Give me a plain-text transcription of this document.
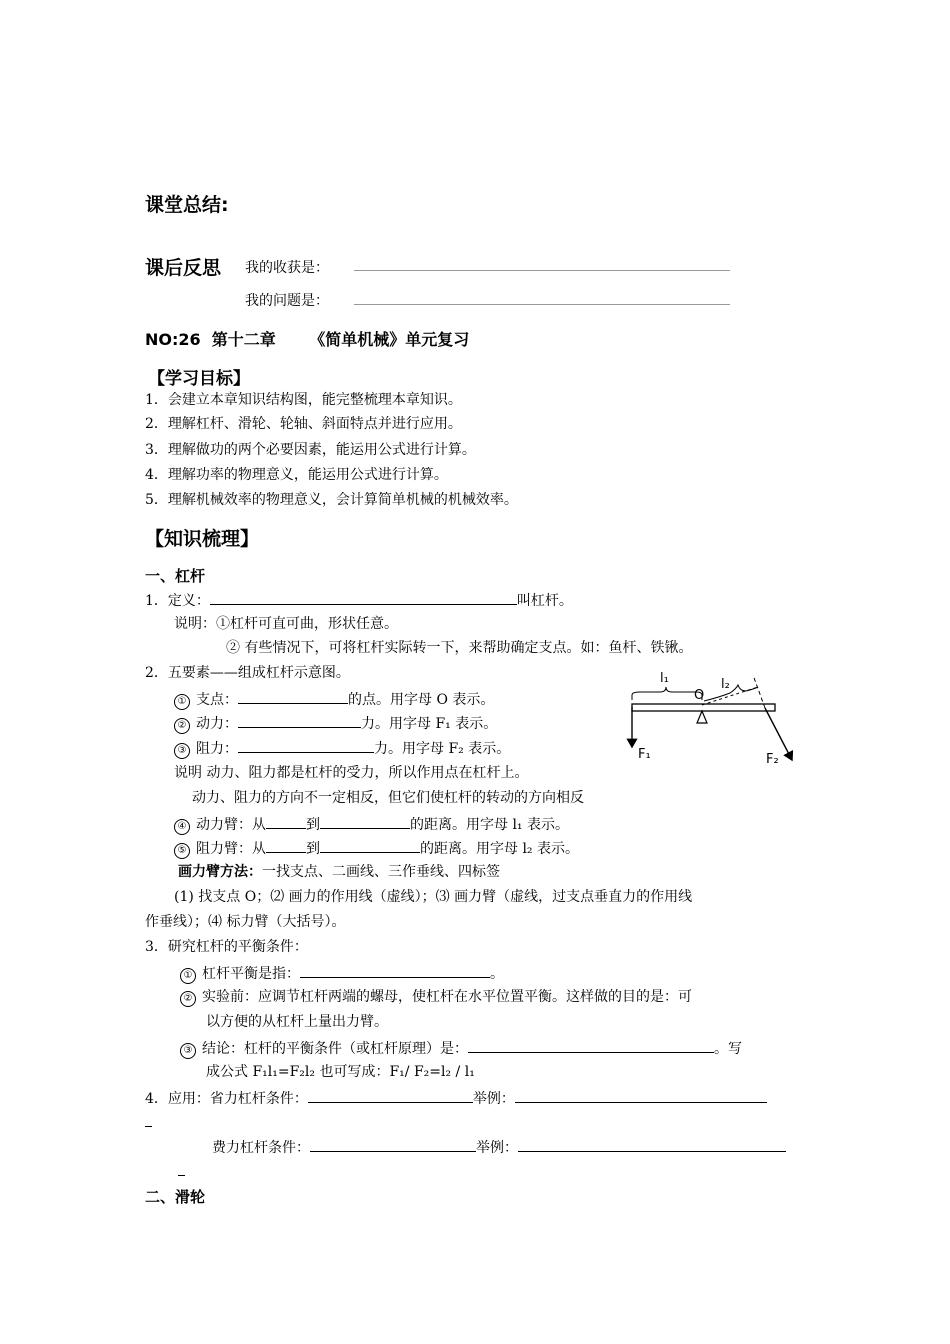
课堂总结:
课后反思 我的收获是：
我的问题是：
NO:26  第十二章      《简单机械》单元复习
【学习目标】
1．会建立本章知识结构图，能完整梳理本章知识。
2．理解杠杆、滑轮、轮轴、斜面特点并进行应用。
3．理解做功的两个必要因素，能运用公式进行计算。
4．理解功率的物理意义，能运用公式进行计算。
5．理解机械效率的物理意义，会计算简单机械的机械效率。
【知识梳理】
一、杠杆
1．定义：	叫杠杆。
说明：①杠杆可直可曲，形状任意。
② 有些情况下，可将杠杆实际转一下，来帮助确定支点。如：鱼杆、铁锹。
2．五要素——组成杠杆示意图。
① 支点：	的点。用字母 O 表示。
② 动力：	力。用字母 F₁ 表示。
③ 阻力：	力。用字母 F₂ 表示。
说明 动力、阻力都是杠杆的受力，所以作用点在杠杆上。
动力、阻力的方向不一定相反，但它们使杠杆的转动的方向相反
④ 动力臂：从	到	的距离。用字母 l₁ 表示。
⑤ 阻力臂：从	到	的距离。用字母 l₂ 表示。
画力臂方法：一找支点、二画线、三作垂线、四标签
(1) 找支点 O；⑵ 画力的作用线（虚线）；⑶ 画力臂（虚线，过支点垂直力的作用线
作垂线）；⑷ 标力臂（大括号）。
3．研究杠杆的平衡条件：
① 杠杆平衡是指：	。
② 实验前：应调节杠杆两端的螺母，使杠杆在水平位置平衡。这样做的目的是：可
以方便的从杠杆上量出力臂。
③ 结论：杠杆的平衡条件（或杠杆原理）是：	。写
成公式 F₁l₁=F₂l₂ 也可写成：F₁/ F₂=l₂ / l₁
4．应用：省力杠杆条件：	举例：
费力杠杆条件：	举例：
二、滑轮
l₁
O
l₂
F₁	F₂
